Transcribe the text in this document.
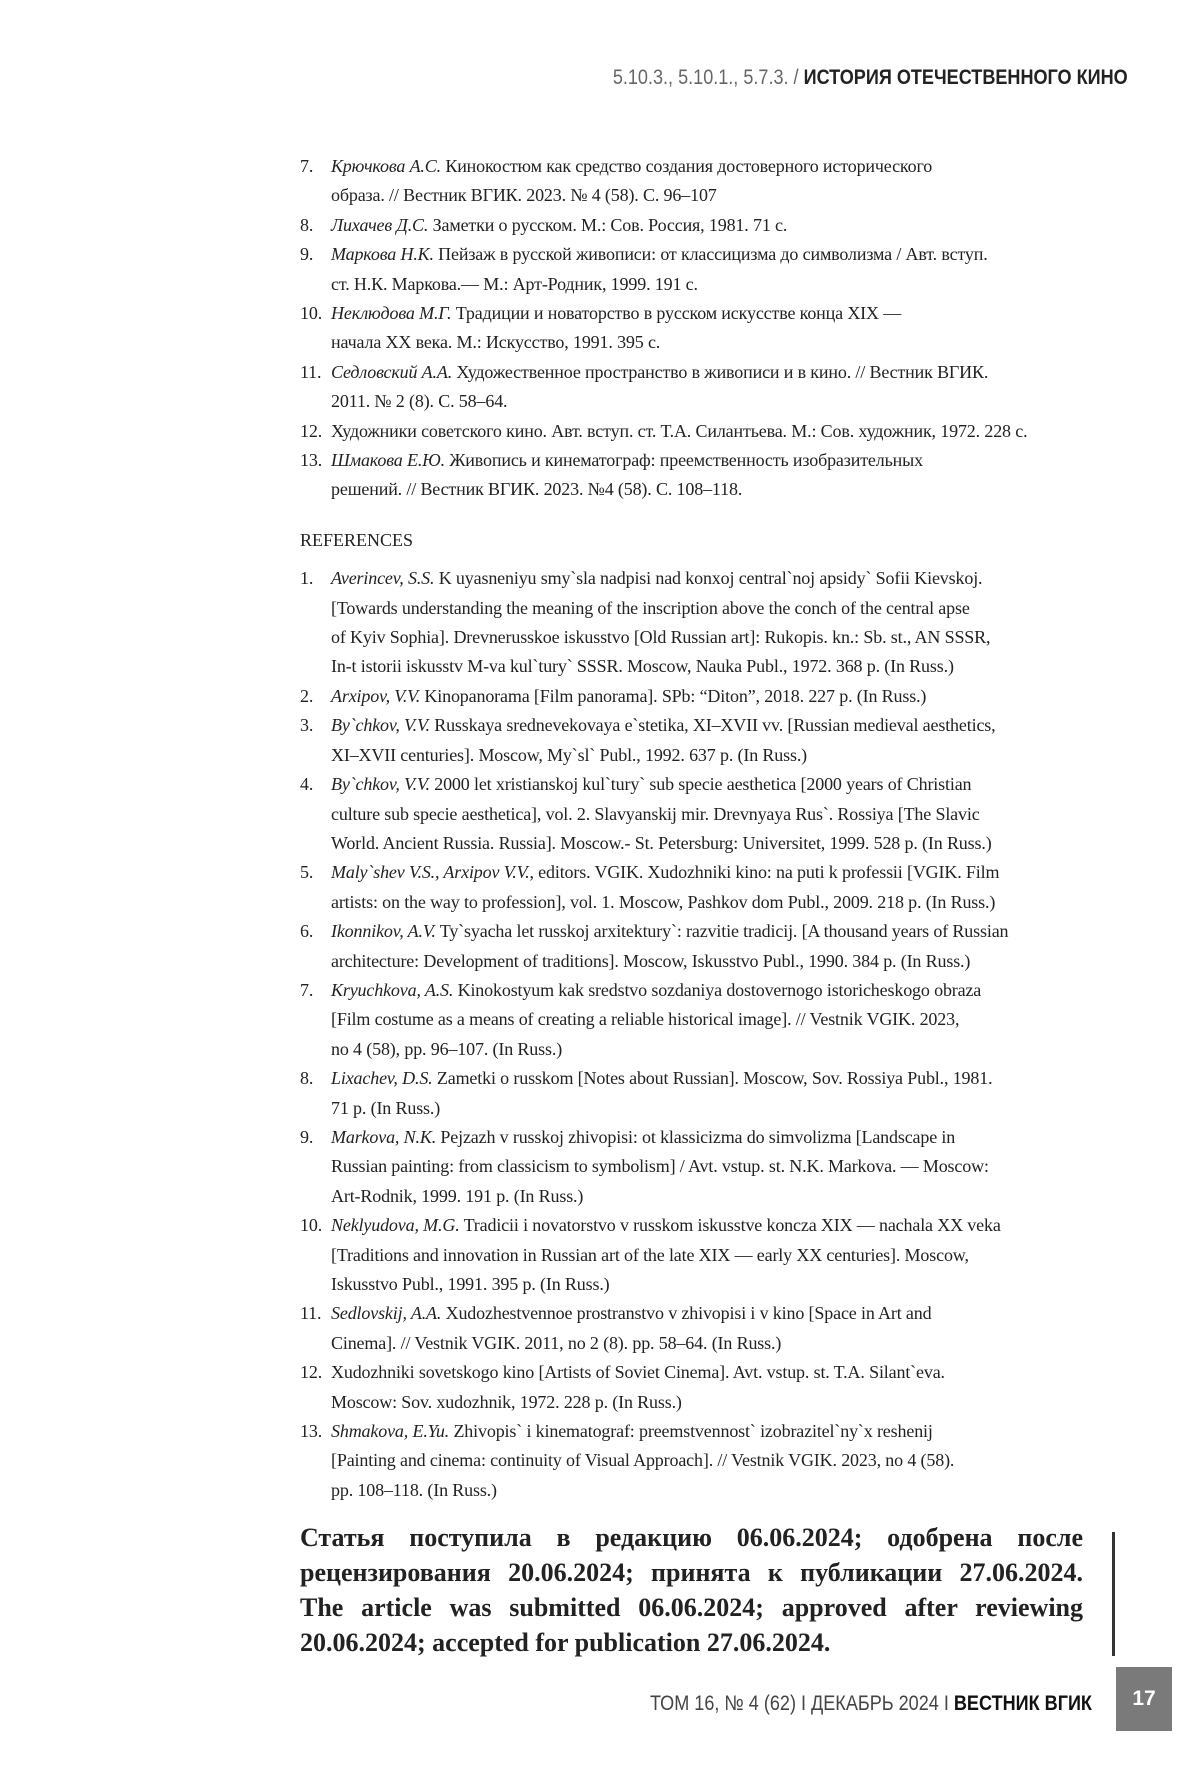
5.10.3., 5.10.1., 5.7.3. / ИСТОРИЯ ОТЕЧЕСТВЕННОГО КИНО
7. Крючкова А.С. Кинокостюм как средство создания достоверного исторического
образа. // Вестник ВГИК. 2023. № 4 (58). С. 96–107
8. Лихачев Д.С. Заметки о русском. М.: Сов. Россия, 1981. 71 с.
9. Маркова Н.К. Пейзаж в русской живописи: от классицизма до символизма / Авт. вступ.
ст. Н.К. Маркова.— М.: Арт-Родник, 1999. 191 с.
10. Неклюдова М.Г. Традиции и новаторство в русском искусстве конца XIX —
начала XX века. М.: Искусство, 1991. 395 с.
11. Седловский А.А. Художественное пространство в живописи и в кино. // Вестник ВГИК.
2011. № 2 (8). С. 58–64.
12. Художники советского кино. Авт. вступ. ст. Т.А. Силантьева. М.: Сов. художник, 1972. 228 с.
13. Шмакова Е.Ю. Живопись и кинематограф: преемственность изобразительных
решений. // Вестник ВГИК. 2023. №4 (58). С. 108–118.
REFERENCES
1. Averincev, S.S. K uyasneniyu smy`sla nadpisi nad konxoj central`noj apsidy` Sofii Kievskoj.
[Towards understanding the meaning of the inscription above the conch of the central apse
of Kyiv Sophia]. Drevnerusskoe iskusstvo [Old Russian art]: Rukopis. kn.: Sb. st., AN SSSR,
In-t istorii iskusstv M-va kul`tury` SSSR. Moscow, Nauka Publ., 1972. 368 p. (In Russ.)
2. Arxipov, V.V. Kinopanorama [Film panorama]. SPb: “Diton”, 2018. 227 p. (In Russ.)
3. By`chkov, V.V. Russkaya srednevekovaya e`stetika, XI–XVII vv. [Russian medieval aesthetics,
XI–XVII centuries]. Moscow, My`sl` Publ., 1992. 637 p. (In Russ.)
4. By`chkov, V.V. 2000 let xristianskoj kul`tury` sub specie aesthetica [2000 years of Christian
culture sub specie aesthetica], vol. 2. Slavyanskij mir. Drevnyaya Rus`. Rossiya [The Slavic
World. Ancient Russia. Russia]. Moscow.- St. Petersburg: Universitet, 1999. 528 p. (In Russ.)
5. Maly`shev V.S., Arxipov V.V., editors. VGIK. Xudozhniki kino: na puti k professii [VGIK. Film
artists: on the way to profession], vol. 1. Moscow, Pashkov dom Publ., 2009. 218 p. (In Russ.)
6. Ikonnikov, A.V. Ty`syacha let russkoj arxitektury`: razvitie tradicij. [A thousand years of Russian
architecture: Development of traditions]. Moscow, Iskusstvo Publ., 1990. 384 p. (In Russ.)
7. Kryuchkova, A.S. Kinokostyum kak sredstvo sozdaniya dostovernogo istoricheskogo obraza
[Film costume as a means of creating a reliable historical image]. // Vestnik VGIK. 2023,
no 4 (58), pp. 96–107. (In Russ.)
8. Lixachev, D.S. Zametki o russkom [Notes about Russian]. Moscow, Sov. Rossiya Publ., 1981.
71 p. (In Russ.)
9. Markova, N.K. Pejzazh v russkoj zhivopisi: ot klassicizma do simvolizma [Landscape in
Russian painting: from classicism to symbolism] / Avt. vstup. st. N.K. Markova. — Moscow:
Art-Rodnik, 1999. 191 p. (In Russ.)
10. Neklyudova, M.G. Tradicii i novatorstvo v russkom iskusstve koncza XIX — nachala XX veka
[Traditions and innovation in Russian art of the late XIX — early XX centuries]. Moscow,
Iskusstvo Publ., 1991. 395 p. (In Russ.)
11. Sedlovskij, A.A. Xudozhestvennoe prostranstvo v zhivopisi i v kino [Space in Art and
Cinema]. // Vestnik VGIK. 2011, no 2 (8). pp. 58–64. (In Russ.)
12. Xudozhniki sovetskogo kino [Artists of Soviet Cinema]. Avt. vstup. st. T.A. Silant`eva.
Moscow: Sov. xudozhnik, 1972. 228 p. (In Russ.)
13. Shmakova, E.Yu. Zhivopis` i kinematograf: preemstvennost` izobrazitel`ny`x reshenij
[Painting and cinema: continuity of Visual Approach]. // Vestnik VGIK. 2023, no 4 (58).
pp. 108–118. (In Russ.)
Статья поступила в редакцию 06.06.2024; одобрена после
рецензирования 20.06.2024; принята к публикации 27.06.2024.
The article was submitted 06.06.2024; approved after reviewing
20.06.2024; accepted for publication 27.06.2024.
ТОМ 16, № 4 (62) I ДЕКАБРЬ 2024 I ВЕСТНИК ВГИК	17
